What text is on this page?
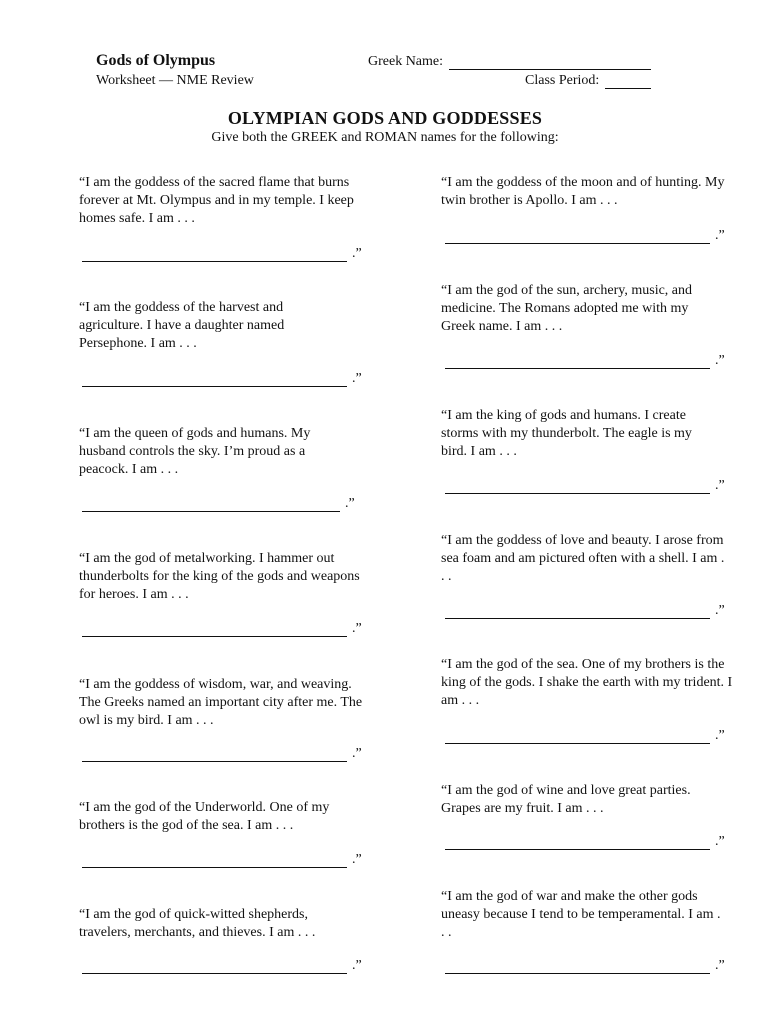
Gods of Olympus
Worksheet — NME Review
Greek Name:
Class Period:
OLYMPIAN GODS AND GODDESSES
Give both the GREEK and ROMAN names for the following:
“I am the goddess of the sacred flame that burns forever at Mt. Olympus and in my temple. I keep homes safe. I am . . .
.”
“I am the goddess of the harvest and agriculture. I have a daughter named Persephone. I am . . .
.”
“I am the queen of gods and humans. My husband controls the sky. I’m proud as a peacock. I am . . .
.”
“I am the god of metalworking. I hammer out thunderbolts for the king of the gods and weapons for heroes. I am . . .
.”
“I am the goddess of wisdom, war, and weaving. The Greeks named an important city after me. The owl is my bird. I am . . .
.”
“I am the god of the Underworld. One of my brothers is the god of the sea. I am . . .
.”
“I am the god of quick-witted shepherds, travelers, merchants, and thieves. I am . . .
.”
“I am the goddess of the moon and of hunting. My twin brother is Apollo. I am . . .
.”
“I am the god of the sun, archery, music, and medicine. The Romans adopted me with my Greek name. I am . . .
.”
“I am the king of gods and humans. I create storms with my thunderbolt. The eagle is my bird. I am . . .
.”
“I am the goddess of love and beauty. I arose from sea foam and am pictured often with a shell. I am . . .
.”
“I am the god of the sea. One of my brothers is the king of the gods. I shake the earth with my trident. I am . . .
.”
“I am the god of wine and love great parties. Grapes are my fruit. I am . . .
.”
“I am the god of war and make the other gods uneasy because I tend to be temperamental. I am . . .
.”
